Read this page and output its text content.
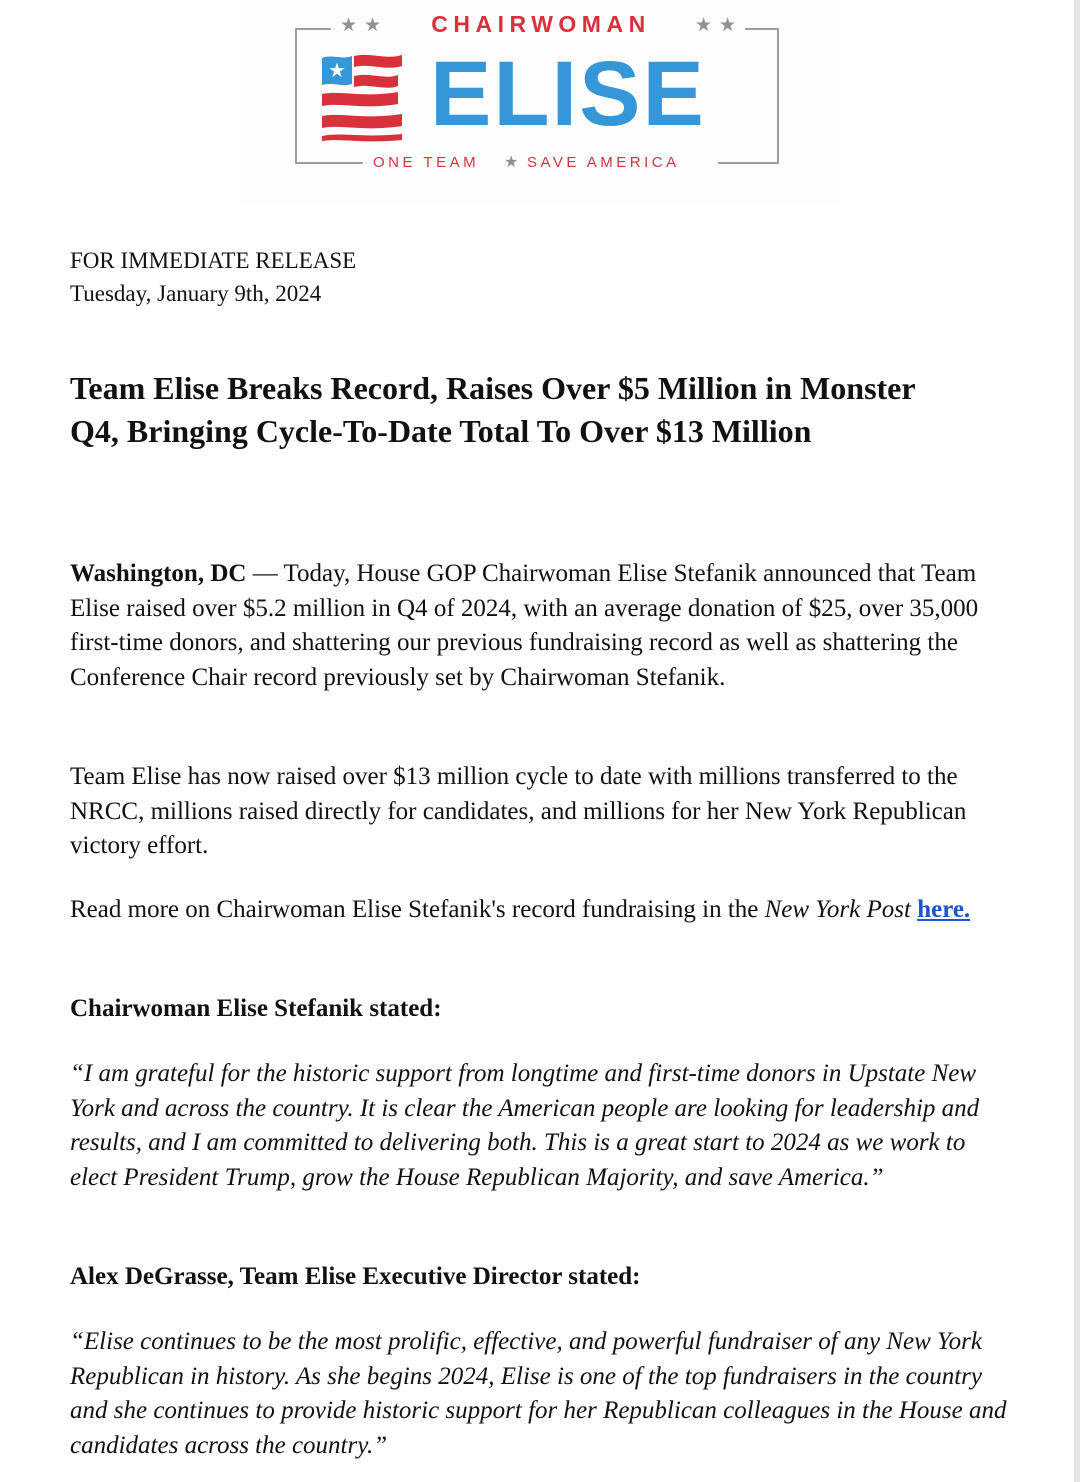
★★	★★
CHAIRWOMAN
★ ELISE
ONE TEAM ★ SAVE AMERICA
FOR IMMEDIATE RELEASE
Tuesday, January 9th, 2024
Team Elise Breaks Record, Raises Over $5 Million in Monster Q4, Bringing Cycle-To-Date Total To Over $13 Million

Washington, DC — Today, House GOP Chairwoman Elise Stefanik announced that Team Elise raised over $5.2 million in Q4 of 2024, with an average donation of $25, over 35,000 first-time donors, and shattering our previous fundraising record as well as shattering the Conference Chair record previously set by Chairwoman Stefanik.

Team Elise has now raised over $13 million cycle to date with millions transferred to the NRCC, millions raised directly for candidates, and millions for her New York Republican victory effort.

Read more on Chairwoman Elise Stefanik's record fundraising in the New York Post here.

Chairwoman Elise Stefanik stated:

“I am grateful for the historic support from longtime and first-time donors in Upstate New York and across the country. It is clear the American people are looking for leadership and results, and I am committed to delivering both. This is a great start to 2024 as we work to elect President Trump, grow the House Republican Majority, and save America.”

Alex DeGrasse, Team Elise Executive Director stated:

“Elise continues to be the most prolific, effective, and powerful fundraiser of any New York Republican in history. As she begins 2024, Elise is one of the top fundraisers in the country and she continues to provide historic support for her Republican colleagues in the House and candidates across the country.”
